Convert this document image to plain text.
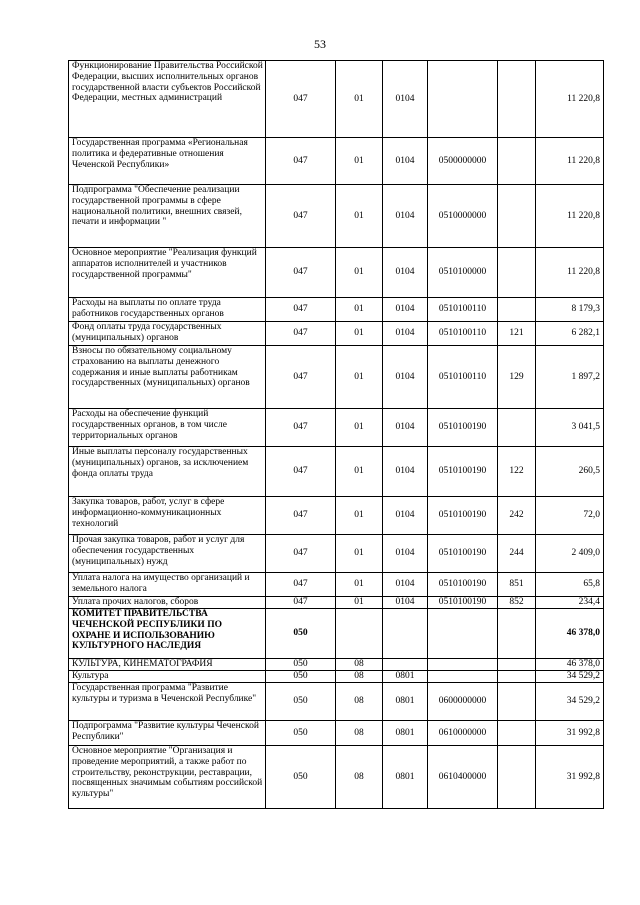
53
Функционирование Правительства Российской Федерации, высших исполнительных органов государственной власти субъектов Российской Федерации, местных администраций	047	01	0104			11 220,8
Государственная программа «Региональная политика и федеративные отношения Чеченской Республики»	047	01	0104	0500000000		11 220,8
Подпрограмма "Обеспечение реализации государственной программы в сфере национальной политики, внешних связей, печати и информации "	047	01	0104	0510000000		11 220,8
Основное мероприятие "Реализация функций аппаратов исполнителей и участников государственной программы"	047	01	0104	0510100000		11 220,8
Расходы на выплаты по оплате труда работников государственных органов	047	01	0104	0510100110		8 179,3
Фонд оплаты труда государственных (муниципальных) органов	047	01	0104	0510100110	121	6 282,1
Взносы по обязательному социальному страхованию на выплаты денежного содержания и иные выплаты работникам государственных (муниципальных) органов	047	01	0104	0510100110	129	1 897,2
Расходы на обеспечение функций государственных органов, в том числе территориальных органов	047	01	0104	0510100190		3 041,5
Иные выплаты персоналу государственных (муниципальных) органов, за исключением фонда оплаты труда	047	01	0104	0510100190	122	260,5
Закупка товаров, работ, услуг в сфере информационно-коммуникационных технологий	047	01	0104	0510100190	242	72,0
Прочая закупка товаров, работ и услуг для обеспечения государственных (муниципальных) нужд	047	01	0104	0510100190	244	2 409,0
Уплата налога на имущество организаций и земельного налога	047	01	0104	0510100190	851	65,8
Уплата прочих налогов, сборов	047	01	0104	0510100190	852	234,4
КОМИТЕТ ПРАВИТЕЛЬСТВА ЧЕЧЕНСКОЙ РЕСПУБЛИКИ ПО ОХРАНЕ И ИСПОЛЬЗОВАНИЮ КУЛЬТУРНОГО НАСЛЕДИЯ	050					46 378,0
КУЛЬТУРА, КИНЕМАТОГРАФИЯ	050	08				46 378,0
Культура	050	08	0801			34 529,2
Государственная программа "Развитие культуры и туризма в Чеченской Республике"	050	08	0801	0600000000		34 529,2
Подпрограмма "Развитие культуры Чеченской Республики"	050	08	0801	0610000000		31 992,8
Основное мероприятие "Организация и проведение мероприятий, а также работ по строительству, реконструкции, реставрации, посвященных значимым событиям российской культуры"	050	08	0801	0610400000		31 992,8
